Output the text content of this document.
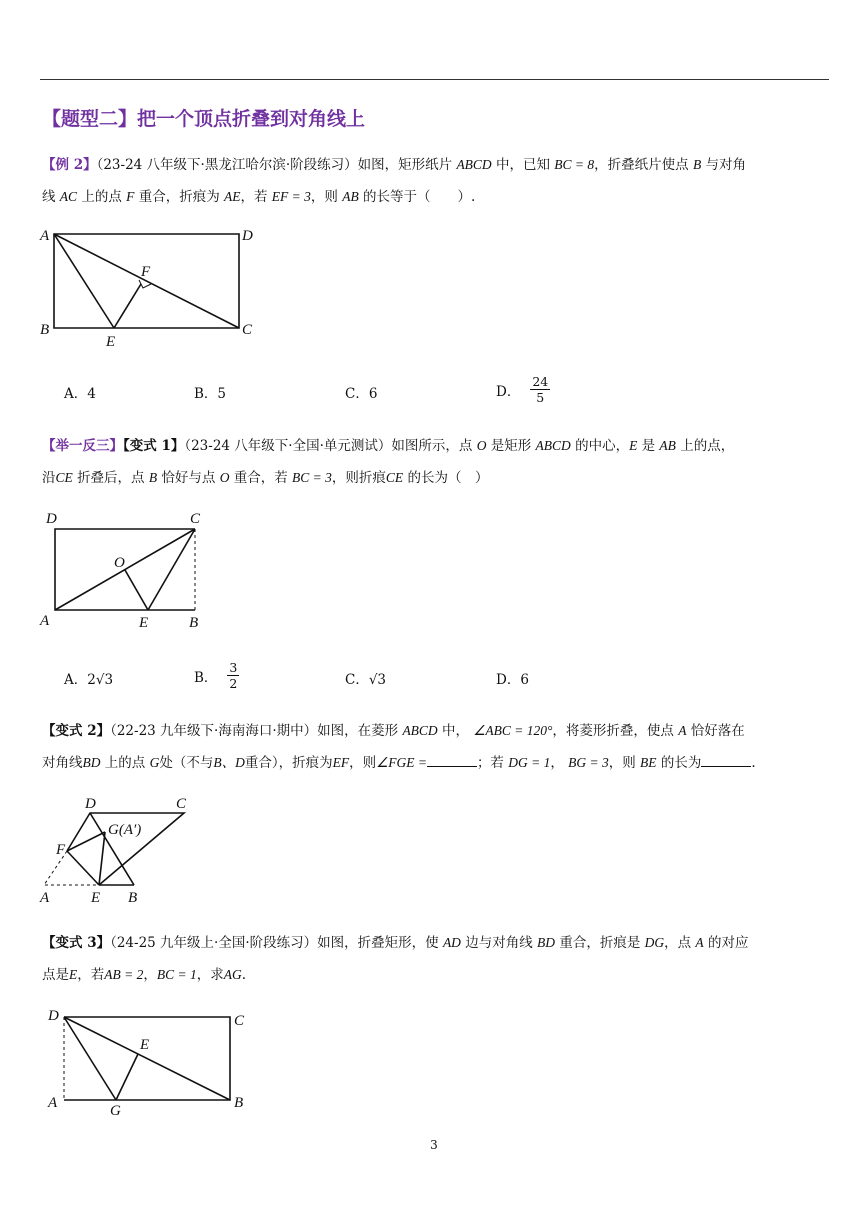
【题型二】把一个顶点折叠到对角线上
【例 2】（23-24 八年级下·黑龙江哈尔滨·阶段练习）如图，矩形纸片 ABCD 中，已知 BC = 8，折叠纸片使点 B 与对角
线 AC 上的点 F 重合，折痕为 AE，若 EF = 3，则 AB 的长等于（　　）.
A	D
F
B
E
C
A．4	B．5	C．6	D． $\frac{24}{5}$
【举一反三】【变式 1】（23-24 八年级下·全国·单元测试）如图所示，点 O 是矩形 ABCD 的中心，E 是 AB 上的点，
沿CE 折叠后，点 B 恰好与点 O 重合，若 BC = 3，则折痕CE 的长为（　）
D	C
O
A	E	B
A．2√3	B． $\frac{3}{2}$	C．√3	D．6
【变式 2】（22-23 九年级下·海南海口·期中）如图，在菱形 ABCD 中， ∠ABC = 120°，将菱形折叠，使点 A 恰好落在
对角线BD 上的点 G处（不与B、D重合），折痕为EF，则∠FGE =	；若 DG = 1， BG = 3，则 BE 的长为	.
D	C
G(A′)
F
A	E B
【变式 3】（24-25 九年级上·全国·阶段练习）如图，折叠矩形，使 AD 边与对角线 BD 重合，折痕是 DG，点 A 的对应
点是E，若AB = 2，BC = 1，求AG.
D	C
E
A	G	B
3
